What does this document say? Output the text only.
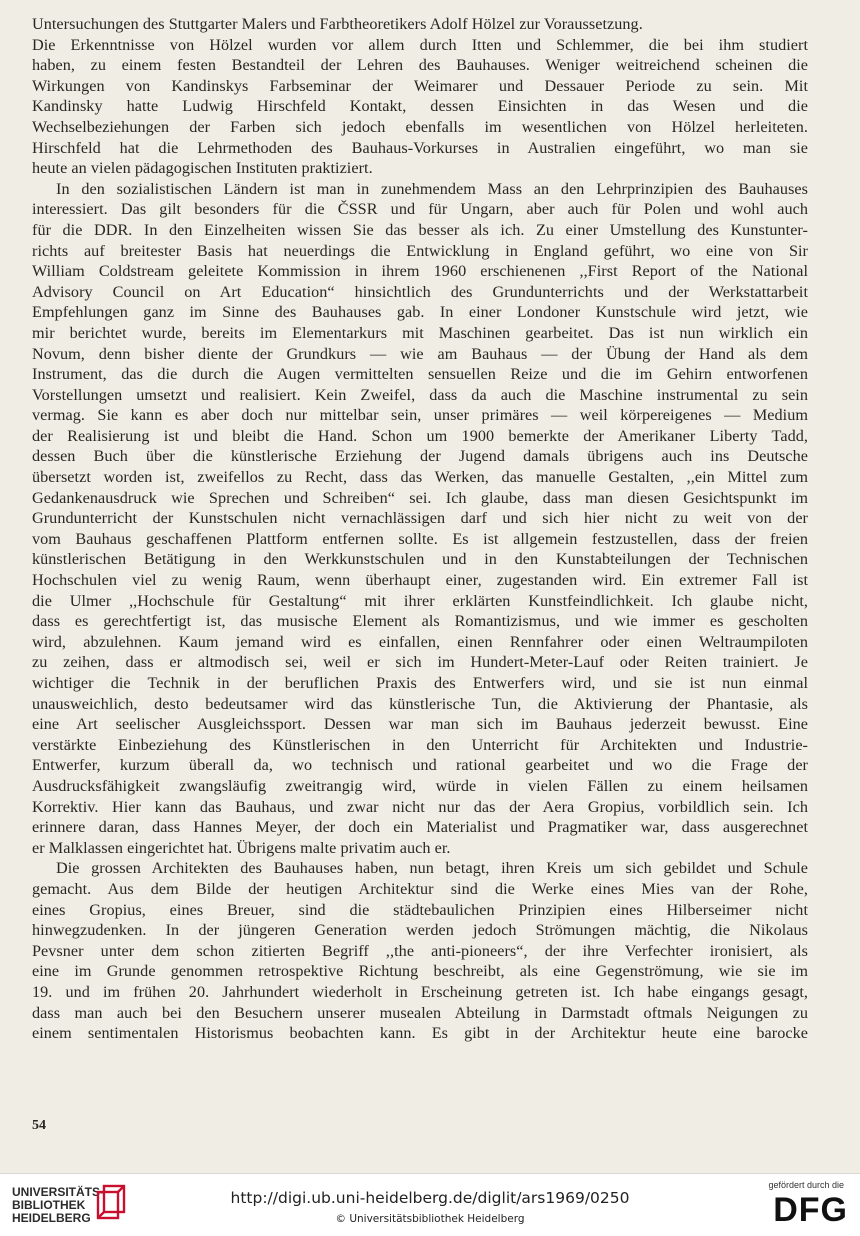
Untersuchungen des Stuttgarter Malers und Farbtheoretikers Adolf Hölzel zur Voraussetzung.
Die Erkenntnisse von Hölzel wurden vor allem durch Itten und Schlemmer, die bei ihm studiert
haben, zu einem festen Bestandteil der Lehren des Bauhauses. Weniger weitreichend scheinen die
Wirkungen von Kandinskys Farbseminar der Weimarer und Dessauer Periode zu sein. Mit
Kandinsky hatte Ludwig Hirschfeld Kontakt, dessen Einsichten in das Wesen und die
Wechselbeziehungen der Farben sich jedoch ebenfalls im wesentlichen von Hölzel herleiteten.
Hirschfeld hat die Lehrmethoden des Bauhaus-Vorkurses in Australien eingeführt, wo man sie
heute an vielen pädagogischen Instituten praktiziert.
In den sozialistischen Ländern ist man in zunehmendem Mass an den Lehrprinzipien des Bauhauses
interessiert. Das gilt besonders für die ČSSR und für Ungarn, aber auch für Polen und wohl auch
für die DDR. In den Einzelheiten wissen Sie das besser als ich. Zu einer Umstellung des Kunstunter-
richts auf breitester Basis hat neuerdings die Entwicklung in England geführt, wo eine von Sir
William Coldstream geleitete Kommission in ihrem 1960 erschienenen ,,First Report of the National
Advisory Council on Art Education“ hinsichtlich des Grundunterrichts und der Werkstattarbeit
Empfehlungen ganz im Sinne des Bauhauses gab. In einer Londoner Kunstschule wird jetzt, wie
mir berichtet wurde, bereits im Elementarkurs mit Maschinen gearbeitet. Das ist nun wirklich ein
Novum, denn bisher diente der Grundkurs — wie am Bauhaus — der Übung der Hand als dem
Instrument, das die durch die Augen vermittelten sensuellen Reize und die im Gehirn entworfenen
Vorstellungen umsetzt und realisiert. Kein Zweifel, dass da auch die Maschine instrumental zu sein
vermag. Sie kann es aber doch nur mittelbar sein, unser primäres — weil körpereigenes — Medium
der Realisierung ist und bleibt die Hand. Schon um 1900 bemerkte der Amerikaner Liberty Tadd,
dessen Buch über die künstlerische Erziehung der Jugend damals übrigens auch ins Deutsche
übersetzt worden ist, zweifellos zu Recht, dass das Werken, das manuelle Gestalten, ,,ein Mittel zum
Gedankenausdruck wie Sprechen und Schreiben“ sei. Ich glaube, dass man diesen Gesichtspunkt im
Grundunterricht der Kunstschulen nicht vernachlässigen darf und sich hier nicht zu weit von der
vom Bauhaus geschaffenen Plattform entfernen sollte. Es ist allgemein festzustellen, dass der freien
künstlerischen Betätigung in den Werkkunstschulen und in den Kunstabteilungen der Technischen
Hochschulen viel zu wenig Raum, wenn überhaupt einer, zugestanden wird. Ein extremer Fall ist
die Ulmer ,,Hochschule für Gestaltung“ mit ihrer erklärten Kunstfeindlichkeit. Ich glaube nicht,
dass es gerechtfertigt ist, das musische Element als Romantizismus, und wie immer es gescholten
wird, abzulehnen. Kaum jemand wird es einfallen, einen Rennfahrer oder einen Weltraumpiloten
zu zeihen, dass er altmodisch sei, weil er sich im Hundert-Meter-Lauf oder Reiten trainiert. Je
wichtiger die Technik in der beruflichen Praxis des Entwerfers wird, und sie ist nun einmal
unausweichlich, desto bedeutsamer wird das künstlerische Tun, die Aktivierung der Phantasie, als
eine Art seelischer Ausgleichssport. Dessen war man sich im Bauhaus jederzeit bewusst. Eine
verstärkte Einbeziehung des Künstlerischen in den Unterricht für Architekten und Industrie-
Entwerfer, kurzum überall da, wo technisch und rational gearbeitet und wo die Frage der
Ausdrucksfähigkeit zwangsläufig zweitrangig wird, würde in vielen Fällen zu einem heilsamen
Korrektiv. Hier kann das Bauhaus, und zwar nicht nur das der Aera Gropius, vorbildlich sein. Ich
erinnere daran, dass Hannes Meyer, der doch ein Materialist und Pragmatiker war, dass ausgerechnet
er Malklassen eingerichtet hat. Übrigens malte privatim auch er.
Die grossen Architekten des Bauhauses haben, nun betagt, ihren Kreis um sich gebildet und Schule
gemacht. Aus dem Bilde der heutigen Architektur sind die Werke eines Mies van der Rohe,
eines Gropius, eines Breuer, sind die städtebaulichen Prinzipien eines Hilberseimer nicht
hinwegzudenken. In der jüngeren Generation werden jedoch Strömungen mächtig, die Nikolaus
Pevsner unter dem schon zitierten Begriff ,,the anti-pioneers“, der ihre Verfechter ironisiert, als
eine im Grunde genommen retrospektive Richtung beschreibt, als eine Gegenströmung, wie sie im
19. und im frühen 20. Jahrhundert wiederholt in Erscheinung getreten ist. Ich habe eingangs gesagt,
dass man auch bei den Besuchern unserer musealen Abteilung in Darmstadt oftmals Neigungen zu
einem sentimentalen Historismus beobachten kann. Es gibt in der Architektur heute eine barocke
54
UNIVERSITÄTS-
BIBLIOTHEK
HEIDELBERG
http://digi.ub.uni-heidelberg.de/diglit/ars1969/0250
© Universitätsbibliothek Heidelberg
gefördert durch die
DFG
